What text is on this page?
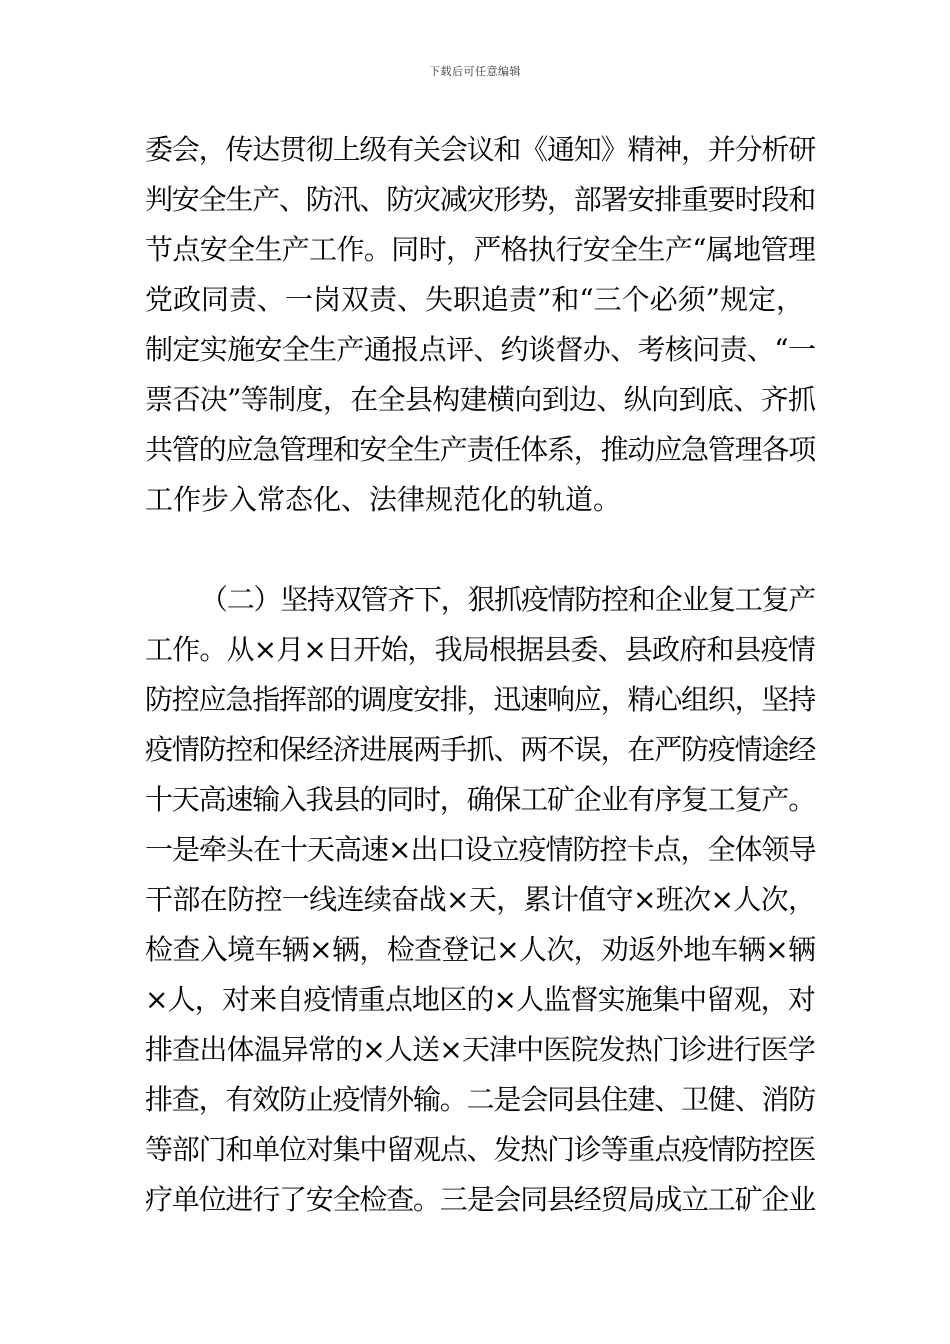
下载后可任意编辑
委会，传达贯彻上级有关会议和《通知》精神，并分析研
判安全生产、防汛、防灾减灾形势，部署安排重要时段和
节点安全生产工作。同时，严格执行安全生产“属地管理
党政同责、一岗双责、失职追责”和“三个必须”规定，
制定实施安全生产通报点评、约谈督办、考核问责、“一
票否决”等制度，在全县构建横向到边、纵向到底、齐抓
共管的应急管理和安全生产责任体系，推动应急管理各项
工作步入常态化、法律规范化的轨道。
（二）坚持双管齐下，狠抓疫情防控和企业复工复产
工作。从×月×日开始，我局根据县委、县政府和县疫情
防控应急指挥部的调度安排，迅速响应，精心组织，坚持
疫情防控和保经济进展两手抓、两不误，在严防疫情途经
十天高速输入我县的同时，确保工矿企业有序复工复产。
一是牵头在十天高速×出口设立疫情防控卡点，全体领导
干部在防控一线连续奋战×天，累计值守×班次×人次，
检查入境车辆×辆，检查登记×人次，劝返外地车辆×辆
×人，对来自疫情重点地区的×人监督实施集中留观，对
排查出体温异常的×人送×天津中医院发热门诊进行医学
排查，有效防止疫情外输。二是会同县住建、卫健、消防
等部门和单位对集中留观点、发热门诊等重点疫情防控医
疗单位进行了安全检查。三是会同县经贸局成立工矿企业
